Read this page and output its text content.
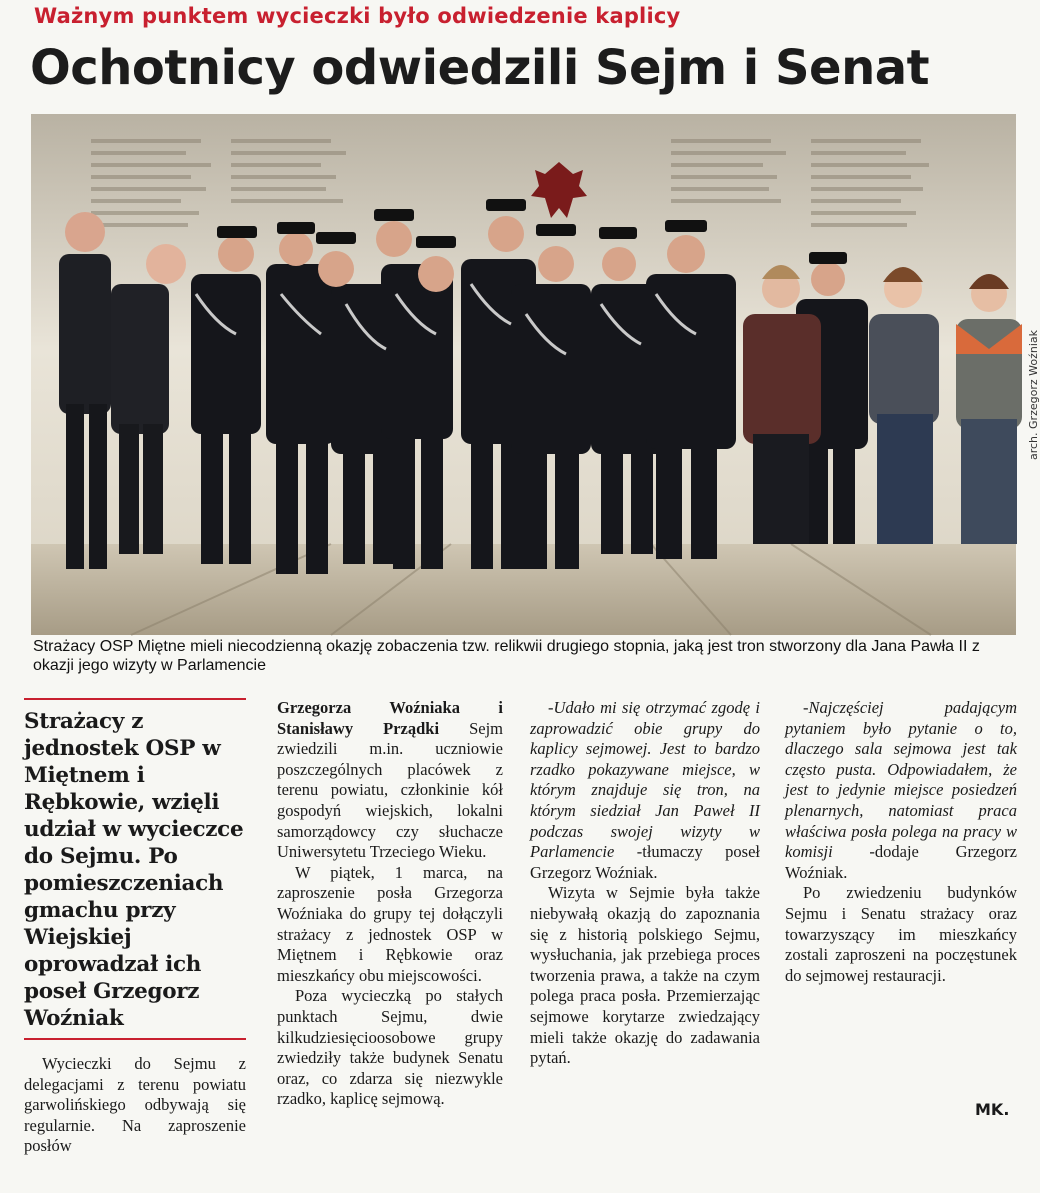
Ważnym punktem wycieczki było odwiedzenie kaplicy
Ochotnicy odwiedzili Sejm i Senat
arch. Grzegorz Woźniak
Strażacy OSP Miętne mieli niecodzienną okazję zobaczenia tzw. relikwii drugiego stopnia, jaką jest tron stworzony dla Jana Pawła II z okazji jego wizyty w Parlamencie
Strażacy z jednostek OSP w Miętnem i Rębkowie, wzięli udział w wycieczce do Sejmu. Po pomieszczeniach gmachu przy Wiejskiej oprowadzał ich poseł Grzegorz Woźniak

Wycieczki do Sejmu z delegacjami z terenu powiatu garwolińskiego odbywają się regularnie. Na zaproszenie posłów

Grzegorza Woźniaka i Stanisławy Prządki Sejm zwiedzili m.in. uczniowie poszczególnych placówek z terenu powiatu, członkinie kół gospodyń wiejskich, lokalni samorządowcy czy słuchacze Uniwersytetu Trzeciego Wieku.

W piątek, 1 marca, na zaproszenie posła Grzegorza Woźniaka do grupy tej dołączyli strażacy z jednostek OSP w Miętnem i Rębkowie oraz mieszkańcy obu miejscowości.

Poza wycieczką po stałych punktach Sejmu, dwie kilkudziesięcioosobowe grupy zwiedziły także budynek Senatu oraz, co zdarza się niezwykle rzadko, kaplicę sejmową.

-Udało mi się otrzymać zgodę i zaprowadzić obie grupy do kaplicy sejmowej. Jest to bardzo rzadko pokazywane miejsce, w którym znajduje się tron, na którym siedział Jan Paweł II podczas swojej wizyty w Parlamencie -tłumaczy poseł Grzegorz Woźniak.

Wizyta w Sejmie była także niebywałą okazją do zapoznania się z historią polskiego Sejmu, wysłuchania, jak przebiega proces tworzenia prawa, a także na czym polega praca posła. Przemierzając sejmowe korytarze zwiedzający mieli także okazję do zadawania pytań.

-Najczęściej padającym pytaniem było pytanie o to, dlaczego sala sejmowa jest tak często pusta. Odpowiadałem, że jest to jedynie miejsce posiedzeń plenarnych, natomiast praca właściwa posła polega na pracy w komisji -dodaje Grzegorz Woźniak.

Po zwiedzeniu budynków Sejmu i Senatu strażacy oraz towarzyszący im mieszkańcy zostali zaproszeni na poczęstunek do sejmowej restauracji.

MK.
